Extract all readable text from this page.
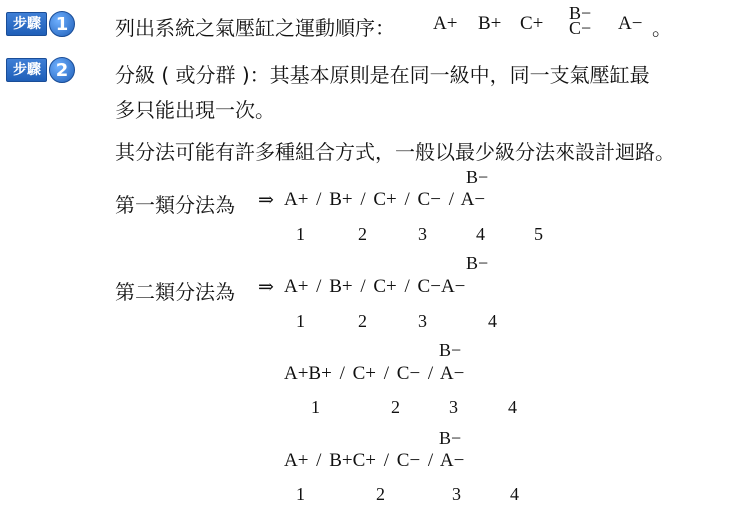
步驟 1	列出系統之氣壓缸之運動順序： A+ B+ C+ B−
C− A− 。
步驟 2	分級 ( 或分群 )：其基本原則是在同一級中，同一支氣壓缸最
多只能出現一次。
其分法可能有許多種組合方式，一般以最少級分法來設計迴路。
B−
第一類分法為 ⇒ A+ / B+ / C+ / C− / A−
1	2	3	4	5
B−
第二類分法為 ⇒ A+ / B+ / C+ / C−A−
1	2	3	4
B−
A+B+ / C+ / C− / A−
1	2	3	4
B−
A+ / B+C+ / C− / A−
1	2	3	4
